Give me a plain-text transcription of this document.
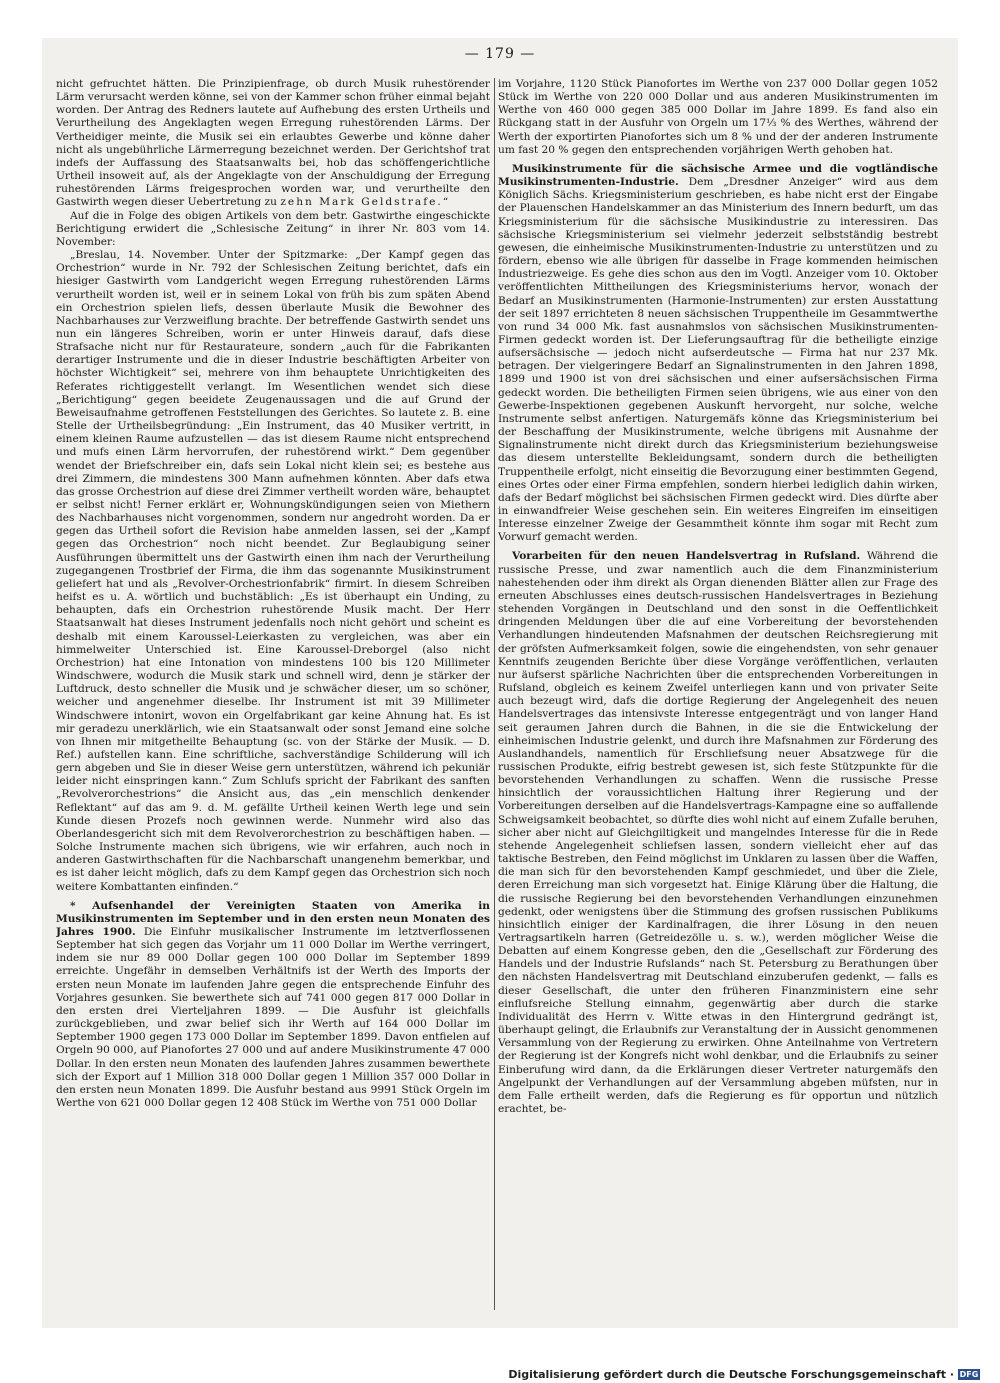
— 179 —

nicht gefruchtet hätten. Die Prinzipienfrage, ob durch Musik ruhestörender Lärm verursacht werden könne, sei von der Kammer schon früher einmal bejaht worden. Der Antrag des Redners lautete auf Aufhebung des ersten Urtheils und Verurtheilung des Angeklagten wegen Erregung ruhestörenden Lärms. Der Vertheidiger meinte, die Musik sei ein erlaubtes Gewerbe und könne daher nicht als ungebührliche Lärmerregung bezeichnet werden. Der Gerichtshof trat indefs der Auffassung des Staatsanwalts bei, hob das schöffengerichtliche Urtheil insoweit auf, als der Angeklagte von der Anschuldigung der Erregung ruhestörenden Lärms freigesprochen worden war, und verurtheilte den Gastwirth wegen dieser Uebertretung zu zehn Mark Geldstrafe.“

Auf die in Folge des obigen Artikels von dem betr. Gastwirthe eingeschickte Berichtigung erwidert die „Schlesische Zeitung“ in ihrer Nr. 803 vom 14. November:

„Breslau, 14. November. Unter der Spitzmarke: „Der Kampf gegen das Orchestrion“ wurde in Nr. 792 der Schlesischen Zeitung berichtet, dafs ein hiesiger Gastwirth vom Landgericht wegen Erregung ruhestörenden Lärms verurtheilt worden ist, weil er in seinem Lokal von früh bis zum späten Abend ein Orchestrion spielen liefs, dessen überlaute Musik die Bewohner des Nachbarhauses zur Verzweiflung brachte. Der betreffende Gastwirth sendet uns nun ein längeres Schreiben, worin er unter Hinweis darauf, dafs diese Strafsache nicht nur für Restaurateure, sondern „auch für die Fabrikanten derartiger Instrumente und die in dieser Industrie beschäftigten Arbeiter von höchster Wichtigkeit“ sei, mehrere von ihm behauptete Unrichtigkeiten des Referates richtiggestellt verlangt. Im Wesentlichen wendet sich diese „Berichtigung“ gegen beeidete Zeugenaussagen und die auf Grund der Beweisaufnahme getroffenen Feststellungen des Gerichtes. So lautete z. B. eine Stelle der Urtheilsbegründung: „Ein Instrument, das 40 Musiker vertritt, in einem kleinen Raume aufzustellen — das ist diesem Raume nicht entsprechend und mufs einen Lärm hervorrufen, der ruhestörend wirkt.“ Dem gegenüber wendet der Briefschreiber ein, dafs sein Lokal nicht klein sei; es bestehe aus drei Zimmern, die mindestens 300 Mann aufnehmen könnten. Aber dafs etwa das grosse Orchestrion auf diese drei Zimmer vertheilt worden wäre, behauptet er selbst nicht! Ferner erklärt er, Wohnungskündigungen seien von Miethern des Nachbarhauses nicht vorgenommen, sondern nur angedroht worden. Da er gegen das Urtheil sofort die Revision habe anmelden lassen, sei der „Kampf gegen das Orchestrion“ noch nicht beendet. Zur Beglaubigung seiner Ausführungen übermittelt uns der Gastwirth einen ihm nach der Verurtheilung zugegangenen Trostbrief der Firma, die ihm das sogenannte Musikinstrument geliefert hat und als „Revolver-Orchestrionfabrik“ firmirt. In diesem Schreiben heifst es u. A. wörtlich und buchstäblich: „Es ist überhaupt ein Unding, zu behaupten, dafs ein Orchestrion ruhestörende Musik macht. Der Herr Staatsanwalt hat dieses Instrument jedenfalls noch nicht gehört und scheint es deshalb mit einem Karoussel-Leierkasten zu vergleichen, was aber ein himmelweiter Unterschied ist. Eine Karoussel-Dreborgel (also nicht Orchestrion) hat eine Intonation von mindestens 100 bis 120 Millimeter Windschwere, wodurch die Musik stark und schnell wird, denn je stärker der Luftdruck, desto schneller die Musik und je schwächer dieser, um so schöner, weicher und angenehmer dieselbe. Ihr Instrument ist mit 39 Millimeter Windschwere intonirt, wovon ein Orgelfabrikant gar keine Ahnung hat. Es ist mir geradezu unerklärlich, wie ein Staatsanwalt oder sonst Jemand eine solche von Ihnen mir mitgetheilte Behauptung (sc. von der Stärke der Musik. — D. Ref.) aufstellen kann. Eine schriftliche, sachverständige Schilderung will ich gern abgeben und Sie in dieser Weise gern unterstützen, während ich pekuniär leider nicht einspringen kann.“ Zum Schlufs spricht der Fabrikant des sanften „Revolverorchestrions“ die Ansicht aus, das „ein menschlich denkender Reflektant“ auf das am 9. d. M. gefällte Urtheil keinen Werth lege und sein Kunde diesen Prozefs noch gewinnen werde. Nunmehr wird also das Oberlandesgericht sich mit dem Revolverorchestrion zu beschäftigen haben. — Solche Instrumente machen sich übrigens, wie wir erfahren, auch noch in anderen Gastwirthschaften für die Nachbarschaft unangenehm bemerkbar, und es ist daher leicht möglich, dafs zu dem Kampf gegen das Orchestrion sich noch weitere Kombattanten einfinden.“

* Aufsenhandel der Vereinigten Staaten von Amerika in Musikinstrumenten im September und in den ersten neun Monaten des Jahres 1900. Die Einfuhr musikalischer Instrumente im letztverflossenen September hat sich gegen das Vorjahr um 11 000 Dollar im Werthe verringert, indem sie nur 89 000 Dollar gegen 100 000 Dollar im September 1899 erreichte. Ungefähr in demselben Verhältnifs ist der Werth des Imports der ersten neun Monate im laufenden Jahre gegen die entsprechende Einfuhr des Vorjahres gesunken. Sie bewerthete sich auf 741 000 gegen 817 000 Dollar in den ersten drei Vierteljahren 1899. — Die Ausfuhr ist gleichfalls zurückgeblieben, und zwar belief sich ihr Werth auf 164 000 Dollar im September 1900 gegen 173 000 Dollar im September 1899. Davon entfielen auf Orgeln 90 000, auf Pianofortes 27 000 und auf andere Musikinstrumente 47 000 Dollar. In den ersten neun Monaten des laufenden Jahres zusammen bewerthete sich der Export auf 1 Million 318 000 Dollar gegen 1 Million 357 000 Dollar in den ersten neun Monaten 1899. Die Ausfuhr bestand aus 9991 Stück Orgeln im Werthe von 621 000 Dollar gegen 12 408 Stück im Werthe von 751 000 Dollar

im Vorjahre, 1120 Stück Pianofortes im Werthe von 237 000 Dollar gegen 1052 Stück im Werthe von 220 000 Dollar und aus anderen Musikinstrumenten im Werthe von 460 000 gegen 385 000 Dollar im Jahre 1899. Es fand also ein Rückgang statt in der Ausfuhr von Orgeln um 17⅓ % des Werthes, während der Werth der exportirten Pianofortes sich um 8 % und der der anderen Instrumente um fast 20 % gegen den entsprechenden vorjährigen Werth gehoben hat.

Musikinstrumente für die sächsische Armee und die vogtländische Musikinstrumenten-Industrie. Dem „Dresdner Anzeiger“ wird aus dem Königlich Sächs. Kriegsministerium geschrieben, es habe nicht erst der Eingabe der Plauenschen Handelskammer an das Ministerium des Innern bedurft, um das Kriegsministerium für die sächsische Musikindustrie zu interessiren. Das sächsische Kriegsministerium sei vielmehr jederzeit selbstständig bestrebt gewesen, die einheimische Musikinstrumenten-Industrie zu unterstützen und zu fördern, ebenso wie alle übrigen für dasselbe in Frage kommenden heimischen Industriezweige. Es gehe dies schon aus den im Vogtl. Anzeiger vom 10. Oktober veröffentlichten Mittheilungen des Kriegsministeriums hervor, wonach der Bedarf an Musikinstrumenten (Harmonie-Instrumenten) zur ersten Ausstattung der seit 1897 errichteten 8 neuen sächsischen Truppentheile im Gesammtwerthe von rund 34 000 Mk. fast ausnahmslos von sächsischen Musikinstrumenten-Firmen gedeckt worden ist. Der Lieferungsauftrag für die betheiligte einzige aufsersächsische — jedoch nicht aufserdeutsche — Firma hat nur 237 Mk. betragen. Der vielgeringere Bedarf an Signalinstrumenten in den Jahren 1898, 1899 und 1900 ist von drei sächsischen und einer aufsersächsischen Firma gedeckt worden. Die betheiligten Firmen seien übrigens, wie aus einer von den Gewerbe-Inspektionen gegebenen Auskunft hervorgeht, nur solche, welche Instrumente selbst anfertigen. Naturgemäfs könne das Kriegsministerium bei der Beschaffung der Musikinstrumente, welche übrigens mit Ausnahme der Signalinstrumente nicht direkt durch das Kriegsministerium beziehungsweise das diesem unterstellte Bekleidungsamt, sondern durch die betheiligten Truppentheile erfolgt, nicht einseitig die Bevorzugung einer bestimmten Gegend, eines Ortes oder einer Firma empfehlen, sondern hierbei lediglich dahin wirken, dafs der Bedarf möglichst bei sächsischen Firmen gedeckt wird. Dies dürfte aber in einwandfreier Weise geschehen sein. Ein weiteres Eingreifen im einseitigen Interesse einzelner Zweige der Gesammtheit könnte ihm sogar mit Recht zum Vorwurf gemacht werden.

Vorarbeiten für den neuen Handelsvertrag in Rufsland. Während die russische Presse, und zwar namentlich auch die dem Finanzministerium nahestehenden oder ihm direkt als Organ dienenden Blätter allen zur Frage des erneuten Abschlusses eines deutsch-russischen Handelsvertrages in Beziehung stehenden Vorgängen in Deutschland und den sonst in die Oeffentlichkeit dringenden Meldungen über die auf eine Vorbereitung der bevorstehenden Verhandlungen hindeutenden Mafsnahmen der deutschen Reichsregierung mit der gröfsten Aufmerksamkeit folgen, sowie die eingehendsten, von sehr genauer Kenntnifs zeugenden Berichte über diese Vorgänge veröffentlichen, verlauten nur äufserst spärliche Nachrichten über die entsprechenden Vorbereitungen in Rufsland, obgleich es keinem Zweifel unterliegen kann und von privater Seite auch bezeugt wird, dafs die dortige Regierung der Angelegenheit des neuen Handelsvertrages das intensivste Interesse entgegenträgt und von langer Hand seit geraumen Jahren durch die Bahnen, in die sie die Entwickelung der einheimischen Industrie gelenkt, und durch ihre Mafsnahmen zur Förderung des Auslandhandels, namentlich für Erschliefsung neuer Absatzwege für die russischen Produkte, eifrig bestrebt gewesen ist, sich feste Stützpunkte für die bevorstehenden Verhandlungen zu schaffen. Wenn die russische Presse hinsichtlich der voraussichtlichen Haltung ihrer Regierung und der Vorbereitungen derselben auf die Handelsvertrags-Kampagne eine so auffallende Schweigsamkeit beobachtet, so dürfte dies wohl nicht auf einem Zufalle beruhen, sicher aber nicht auf Gleichgiltigkeit und mangelndes Interesse für die in Rede stehende Angelegenheit schliefsen lassen, sondern vielleicht eher auf das taktische Bestreben, den Feind möglichst im Unklaren zu lassen über die Waffen, die man sich für den bevorstehenden Kampf geschmiedet, und über die Ziele, deren Erreichung man sich vorgesetzt hat. Einige Klärung über die Haltung, die die russische Regierung bei den bevorstehenden Verhandlungen einzunehmen gedenkt, oder wenigstens über die Stimmung des grofsen russischen Publikums hinsichtlich einiger der Kardinalfragen, die ihrer Lösung in den neuen Vertragsartikeln harren (Getreidezölle u. s. w.), werden möglicher Weise die Debatten auf einem Kongresse geben, den die „Gesellschaft zur Förderung des Handels und der Industrie Rufslands“ nach St. Petersburg zu Berathungen über den nächsten Handelsvertrag mit Deutschland einzuberufen gedenkt, — falls es dieser Gesellschaft, die unter den früheren Finanzministern eine sehr einflufsreiche Stellung einnahm, gegenwärtig aber durch die starke Individualität des Herrn v. Witte etwas in den Hintergrund gedrängt ist, überhaupt gelingt, die Erlaubnifs zur Veranstaltung der in Aussicht genommenen Versammlung von der Regierung zu erwirken. Ohne Anteilnahme von Vertretern der Regierung ist der Kongrefs nicht wohl denkbar, und die Erlaubnifs zu seiner Einberufung wird dann, da die Erklärungen dieser Vertreter naturgemäfs den Angelpunkt der Verhandlungen auf der Versammlung abgeben müfsten, nur in dem Falle ertheilt werden, dafs die Regierung es für opportun und nützlich erachtet, be-

Digitalisierung gefördert durch die Deutsche Forschungsgemeinschaft · DFG
